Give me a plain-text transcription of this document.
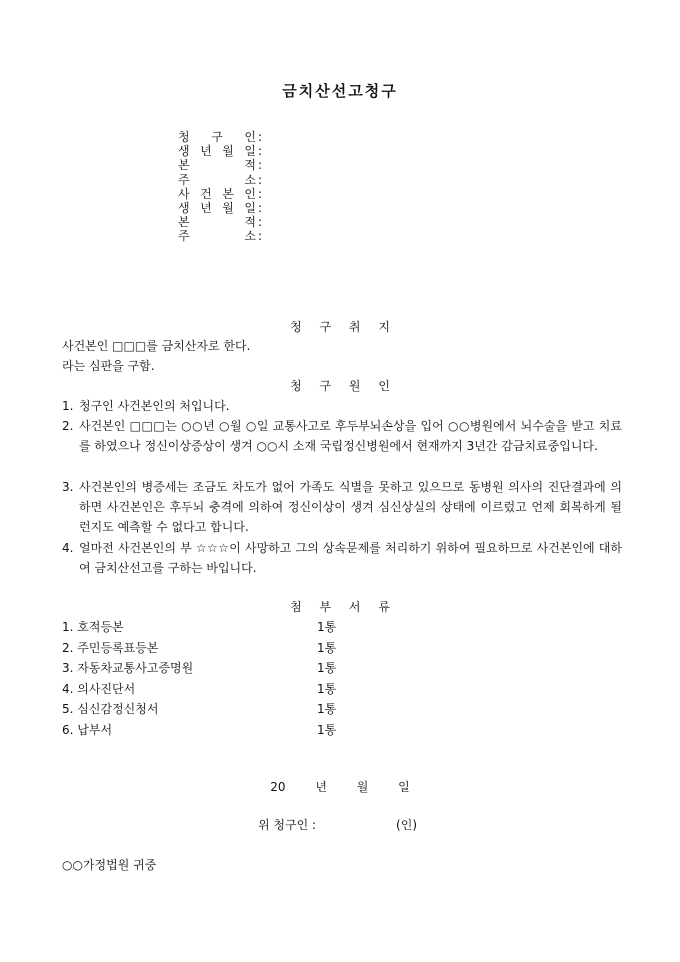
금치산선고청구
청 구 인 :
생 년 월 일 :
본	적 :
주	소 :
사 건 본 인 :
생 년 월 일 :
본	적 :
주	소 :
청 구 취 지
사건본인 □□□를 금치산자로 한다.
라는 심판을 구함.
청 구 원 인
1. 청구인 사건본인의 처입니다.
2. 사건본인 □□□는 ○○년 ○월 ○일 교통사고로 후두부뇌손상을 입어 ○○병원에서 뇌수술을 받고 치료를 하였으나 정신이상증상이 생겨 ○○시 소재 국립정신병원에서 현재까지 3년간 감금치료중입니다.
3. 사건본인의 병증세는 조금도 차도가 없어 가족도 식별을 못하고 있으므로 동병원 의사의 진단결과에 의하면 사건본인은 후두뇌 충격에 의하여 정신이상이 생겨 심신상실의 상태에 이르렀고 언제 회복하게 될런지도 예측할 수 없다고 합니다.
4. 얼마전 사건본인의 부 ☆☆☆이 사망하고 그의 상속문제를 처리하기 위하여 필요하므로 사건본인에 대하여 금치산선고를 구하는 바입니다.
첨 부 서 류
1. 호적등본	1통
2. 주민등록표등본	1통
3. 자동차교통사고증명원	1통
4. 의사진단서	1통
5. 심신감정신청서	1통
6. 납부서	1통
20 년 월 일
위 청구인 :	(인)
○○가정법원 귀중
